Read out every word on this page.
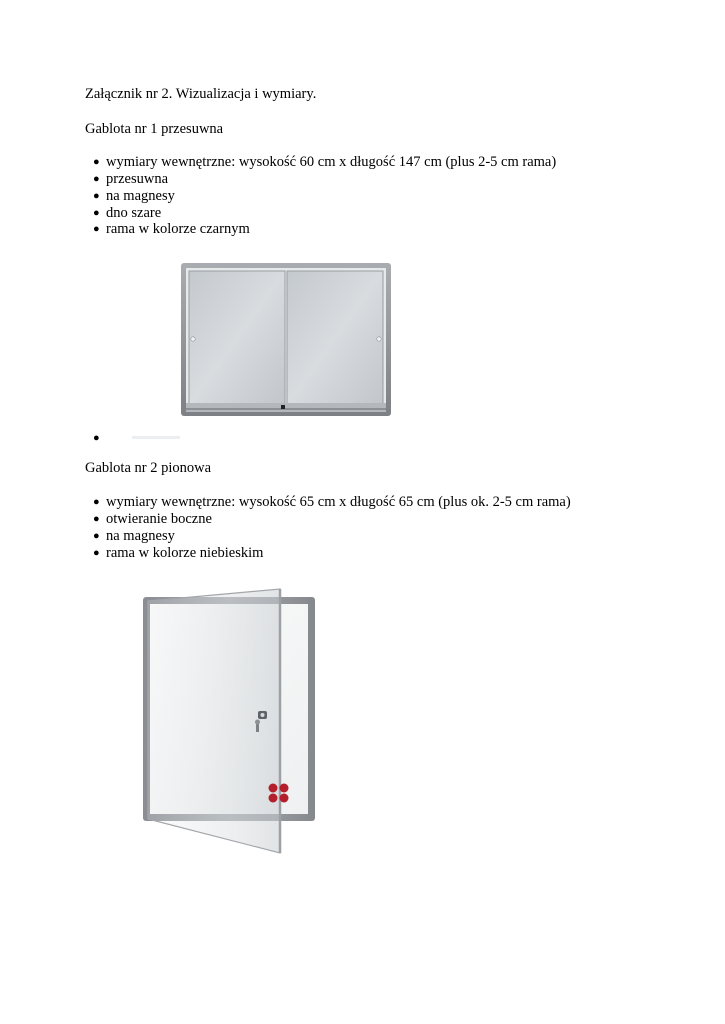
Załącznik nr 2. Wizualizacja i wymiary.
Gablota nr 1 przesuwna
● wymiary wewnętrzne: wysokość 60 cm x długość 147 cm (plus 2-5 cm rama)
● przesuwna
● na magnesy
● dno szare
● rama w kolorze czarnym
●
Gablota nr 2 pionowa
● wymiary wewnętrzne: wysokość 65 cm x długość 65 cm (plus ok. 2-5 cm rama)
● otwieranie boczne
● na magnesy
● rama w kolorze niebieskim
